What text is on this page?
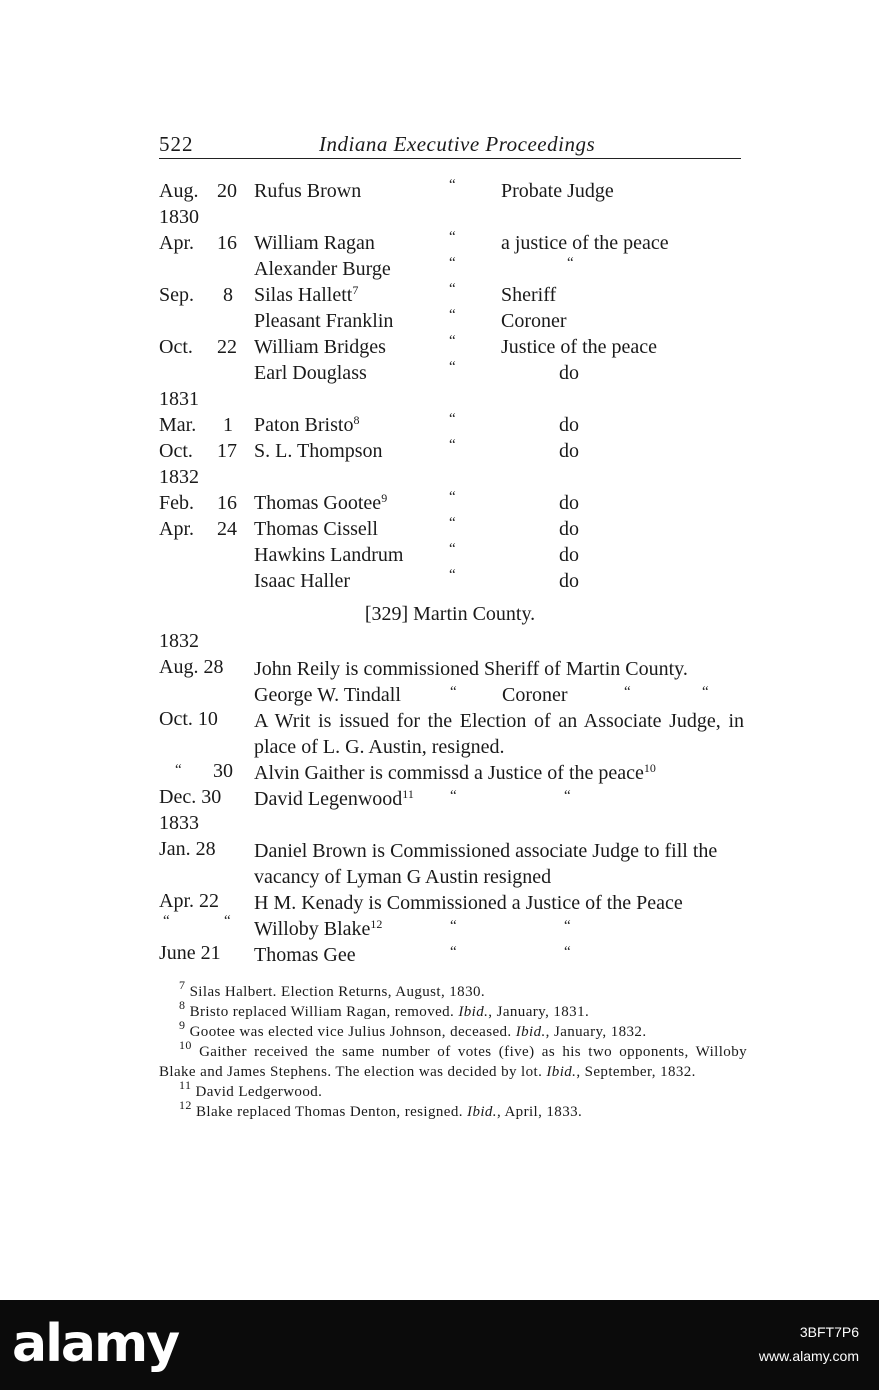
522	Indiana Executive Proceedings
Aug. 20 Rufus Brown	“ Probate Judge
1830
Apr. 16 William Ragan	“ a justice of the peace
Alexander Burge	“	“
Sep.	8 Silas Hallett$^7$	“ Sheriff
Pleasant Franklin	“ Coroner
Oct. 22 William Bridges	“ Justice of the peace
Earl Douglass	“	do
1831
Mar.	1 Paton Bristo$^8$	“	do
Oct. 17 S. L. Thompson	“	do
1832
Feb. 16 Thomas Gootee$^9$	“	do
Apr. 24 Thomas Cissell	“	do
Hawkins Landrum	“	do
Isaac Haller	“	do
[329] Martin County.
1832
Aug. 28 John Reily is commissioned Sheriff of Martin County.
George W. Tindall	“ Coroner	“	“
Oct. 10 A Writ is issued for the Election of an Associate Judge, in place of L. G. Austin, resigned.
“ 30 Alvin Gaither is commissd a Justice of the peace$^{10}$
Dec. 30 David Legenwood$^{11}$ “	“
1833
Jan. 28 Daniel Brown is Commissioned associate Judge to fill the vacancy of Lyman G Austin resigned
Apr. 22 H M. Kenady is Commissioned a Justice of the Peace
“	“ Willoby Blake$^{12}$	“	“
June 21 Thomas Gee	“	“
$^7$ Silas Halbert. Election Returns, August, 1830.
$^8$ Bristo replaced William Ragan, removed. Ibid., January, 1831.
$^9$ Gootee was elected vice Julius Johnson, deceased. Ibid., January, 1832.
$^{10}$ Gaither received the same number of votes (five) as his two opponents, Willoby Blake and James Stephens. The election was decided by lot. Ibid., September, 1832.
$^{11}$ David Ledgerwood.
$^{12}$ Blake replaced Thomas Denton, resigned. Ibid., April, 1833.
alamy	3BFT7P6
www.alamy.com
